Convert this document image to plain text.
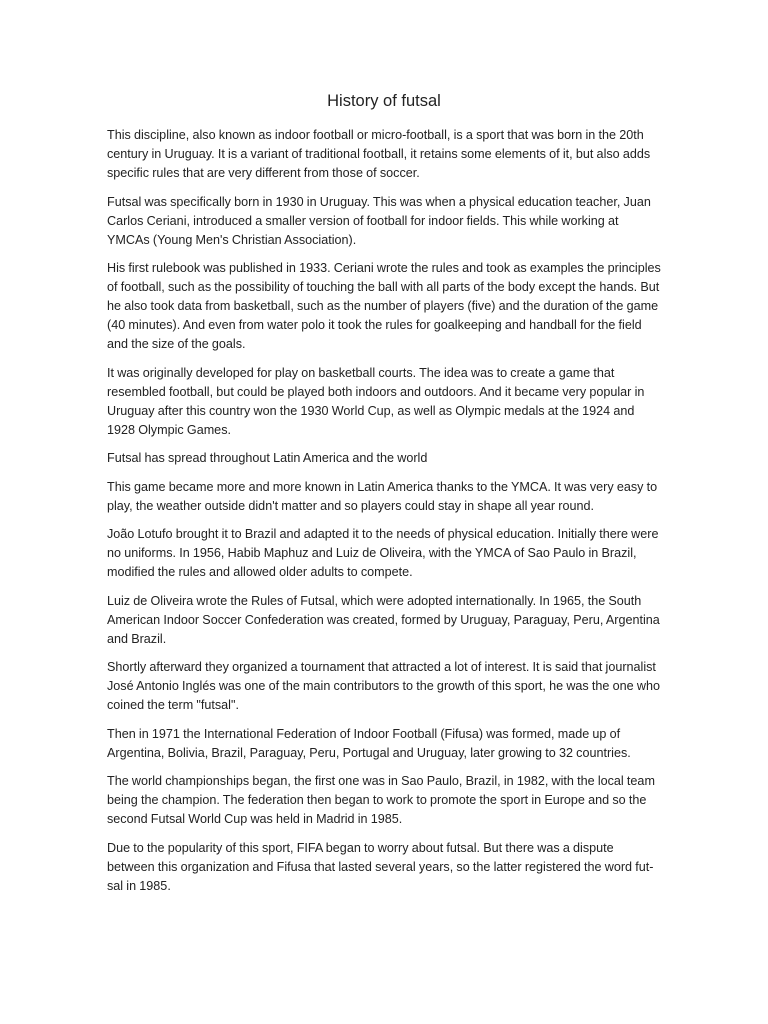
History of futsal

This discipline, also known as indoor football or micro-football, is a sport that was born in the 20th century in Uruguay. It is a variant of traditional football, it retains some elements of it, but also adds specific rules that are very different from those of soccer.

Futsal was specifically born in 1930 in Uruguay. This was when a physical education teacher, Juan Carlos Ceriani, introduced a smaller version of football for indoor fields. This while working at YMCAs (Young Men's Christian Association).

His first rulebook was published in 1933. Ceriani wrote the rules and took as examples the principles of football, such as the possibility of touching the ball with all parts of the body except the hands. But he also took data from basketball, such as the number of players (five) and the duration of the game (40 minutes). And even from water polo it took the rules for goalkeeping and handball for the field and the size of the goals.

It was originally developed for play on basketball courts. The idea was to create a game that resembled football, but could be played both indoors and outdoors. And it became very popular in Uruguay after this country won the 1930 World Cup, as well as Olympic medals at the 1924 and 1928 Olympic Games.

Futsal has spread throughout Latin America and the world

This game became more and more known in Latin America thanks to the YMCA. It was very easy to play, the weather outside didn't matter and so players could stay in shape all year round.

João Lotufo brought it to Brazil and adapted it to the needs of physical education. Initially there were no uniforms. In 1956, Habib Maphuz and Luiz de Oliveira, with the YMCA of Sao Paulo in Brazil, modified the rules and allowed older adults to compete.

Luiz de Oliveira wrote the Rules of Futsal, which were adopted internationally. In 1965, the South American Indoor Soccer Confederation was created, formed by Uruguay, Paraguay, Peru, Argentina and Brazil.

Shortly afterward they organized a tournament that attracted a lot of interest. It is said that journalist José Antonio Inglés was one of the main contributors to the growth of this sport, he was the one who coined the term "futsal".

Then in 1971 the International Federation of Indoor Football (Fifusa) was formed, made up of Argentina, Bolivia, Brazil, Paraguay, Peru, Portugal and Uruguay, later growing to 32 countries.

The world championships began, the first one was in Sao Paulo, Brazil, in 1982, with the local team being the champion. The federation then began to work to promote the sport in Europe and so the second Futsal World Cup was held in Madrid in 1985.

Due to the popularity of this sport, FIFA began to worry about futsal. But there was a dispute between this organization and Fifusa that lasted several years, so the latter registered the word fut-sal in 1985.
